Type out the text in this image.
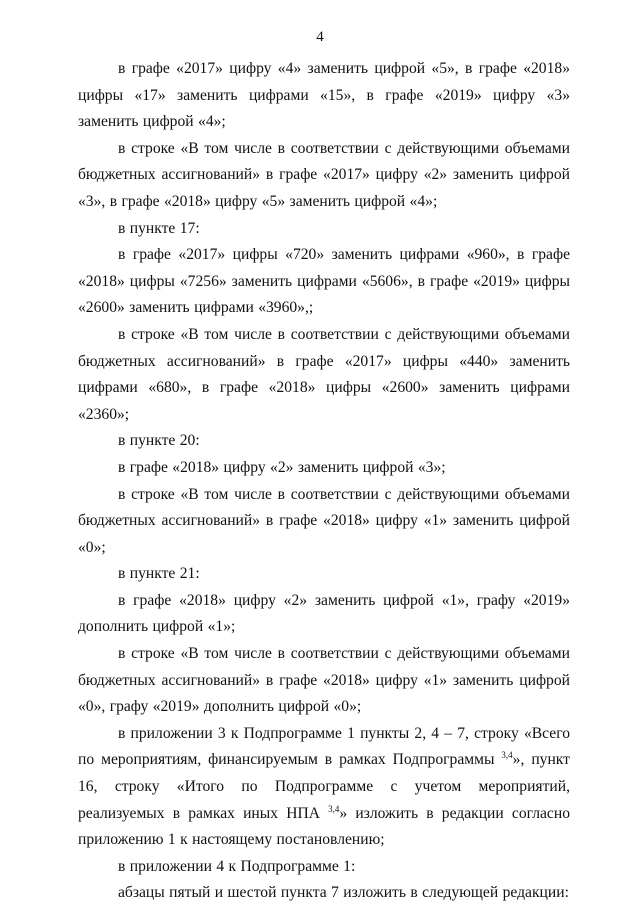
4

в графе «2017» цифру «4» заменить цифрой «5», в графе «2018» цифры «17» заменить цифрами «15», в графе «2019» цифру «3» заменить цифрой «4»;

в строке «В том числе в соответствии с действующими объемами бюджетных ассигнований» в графе «2017» цифру «2» заменить цифрой «3», в графе «2018» цифру «5» заменить цифрой «4»;

в пункте 17:

в графе «2017» цифры «720» заменить цифрами «960», в графе «2018» цифры «7256» заменить цифрами «5606», в графе «2019» цифры «2600» заменить цифрами «3960»,;

в строке «В том числе в соответствии с действующими объемами бюджетных ассигнований» в графе «2017» цифры «440» заменить цифрами «680», в графе «2018» цифры «2600» заменить цифрами «2360»;

в пункте 20:

в графе «2018» цифру «2» заменить цифрой «3»;

в строке «В том числе в соответствии с действующими объемами бюджетных ассигнований» в графе «2018» цифру «1» заменить цифрой «0»;

в пункте 21:

в графе «2018» цифру «2» заменить цифрой «1», графу «2019» дополнить цифрой «1»;

в строке «В том числе в соответствии с действующими объемами бюджетных ассигнований» в графе «2018» цифру «1» заменить цифрой «0», графу «2019» дополнить цифрой «0»;

в приложении 3 к Подпрограмме 1 пункты 2, 4 – 7, строку «Всего по мероприятиям, финансируемым в рамках Подпрограммы $^{3,4}$», пункт 16, строку «Итого по Подпрограмме с учетом мероприятий, реализуемых в рамках иных НПА $^{3,4}$» изложить в редакции согласно приложению 1 к настоящему постановлению;

в приложении 4 к Подпрограмме 1:

абзацы пятый и шестой пункта 7 изложить в следующей редакции:
